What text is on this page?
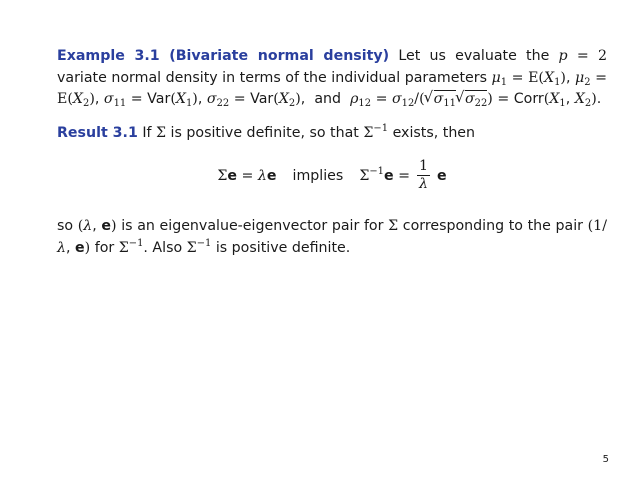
Example 3.1 (Bivariate normal density) Let us evaluate the p = 2 variate normal density in terms of the individual parameters $\mu_1 = E(X_1)$, $\mu_2 = E(X_2)$, $\sigma_{11} = Var(X_1)$, $\sigma_{22} = Var(X_2)$,  and $\rho_{12} = \sigma_{12}/(√$ $\sigma_{11}√$ $\sigma_{22}$) = $Corr(X_1$, $X_2$).

Result 3.1 If Σ is positive definite, so that $\Sigma^{-1}$ exists, then

Σe = λe	implies	$\Sigma^{-1}e = \frac{1}{\lambda}$ e

so (λ, e) is an eigenvalue-eigenvector pair for Σ corresponding to the pair (1/λ, e) for $\Sigma^{-1}$. Also $\Sigma^{-1}$ is positive definite.

5
